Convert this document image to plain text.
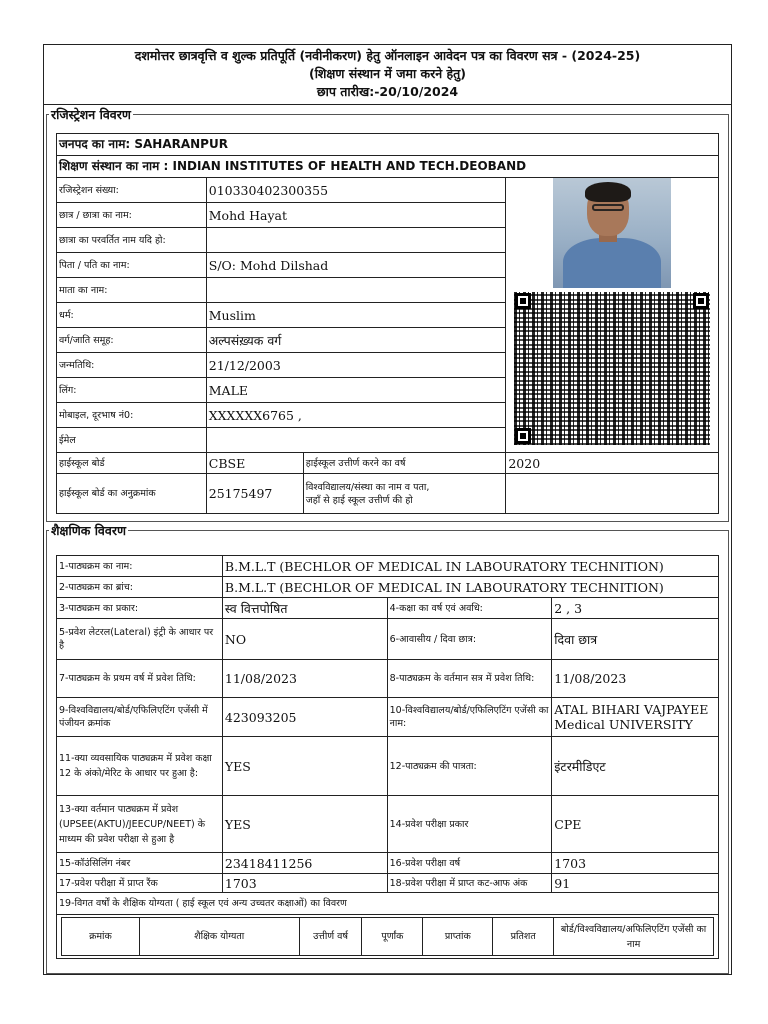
दशमोत्तर छात्रवृत्ति व शुल्क प्रतिपूर्ति (नवीनीकरण) हेतु ऑनलाइन आवेदन पत्र का विवरण सत्र - (2024-25)
(शिक्षण संस्थान में जमा करने हेतु)
छाप तारीख:-20/10/2024
रजिस्ट्रेशन विवरण
जनपद का नाम: SAHARANPUR			
शिक्षण संस्थान का नाम : INDIAN INSTITUTES OF HEALTH AND TECH.DEOBAND			
रजिस्ट्रेशन संख्या:	010330402300355		
छात्र / छात्रा का नाम:	Mohd Hayat		
छात्रा का परवर्तित नाम यदि हो:			
पिता / पति का नाम:	S/O: Mohd Dilshad		
माता का नाम:			
धर्म:	Muslim		
वर्ग/जाति समूह:	अल्पसंख़्यक वर्ग		
जन्मतिथि:	21/12/2003		
लिंग:	MALE		
मोबाइल, दूरभाष नं0:	XXXXXX6765 ,		
ईमेल			
हाईस्कूल बोर्ड	CBSE	हाईस्कूल उत्तीर्ण करने का वर्ष	2020
हाईस्कूल बोर्ड का अनुक्रमांक	25175497	विश्वविद्यालय/संस्था का नाम व पता,
जहाँ से हाई स्कूल उत्तीर्ण की हो	
शैक्षणिक विवरण
1-पाठ्यक्रम का नाम:	B.M.L.T (BECHLOR OF MEDICAL IN LABOURATORY TECHNITION)
2-पाठ्यक्रम का ब्रांच:	B.M.L.T (BECHLOR OF MEDICAL IN LABOURATORY TECHNITION)
3-पाठ्यक्रम का प्रकार:	स्व वित्तपोषित	4-कक्षा का वर्ष एवं अवधि:	2 , 3
5-प्रवेश लेटरल(Lateral) इंट्री के आधार पर है	NO	6-आवासीय / दिवा छात्र:	दिवा छात्र
7-पाठ्यक्रम के प्रथम वर्ष में प्रवेश तिथि:	11/08/2023	8-पाठ्यक्रम के वर्तमान सत्र में प्रवेश तिथि:	11/08/2023
9-विश्वविद्यालय/बोर्ड/एफिलिएटिंग एजेंसी में पंजीयन क्रमांक	423093205	10-विश्वविद्यालय/बोर्ड/एफिलिएटिंग एजेंसी का नाम:	ATAL BIHARI VAJPAYEE Medical UNIVERSITY
11-क्या व्यवसायिक पाठ्यक्रम में प्रवेश कक्षा 12 के अंको/मेरिट के आधार पर हुआ है:	YES	12-पाठ्यक्रम की पात्रता:	इंटरमीडिएट
13-क्या वर्तमान पाठ्यक्रम में प्रवेश (UPSEE(AKTU)/JEECUP/NEET) के माध्यम की प्रवेश परीक्षा से हुआ है	YES	14-प्रवेश परीक्षा प्रकार	CPE
15-कॉउंसिलिंग नंबर	23418411256	16-प्रवेश परीक्षा वर्ष	1703
17-प्रवेश परीक्षा में प्राप्त रैंक	1703	18-प्रवेश परीक्षा में प्राप्त कट-आफ अंक	91
19-विगत वर्षों के शैक्षिक योग्यता ( हाई स्कूल एवं अन्य उच्चतर कक्षाओं) का विवरण

क्रमांक	शैक्षिक योग्यता	उत्तीर्ण वर्ष	पूर्णांक	प्राप्तांक	प्रतिशत	बोर्ड/विश्वविद्यालय/अफिलिएटिंग एजेंसी का नाम
